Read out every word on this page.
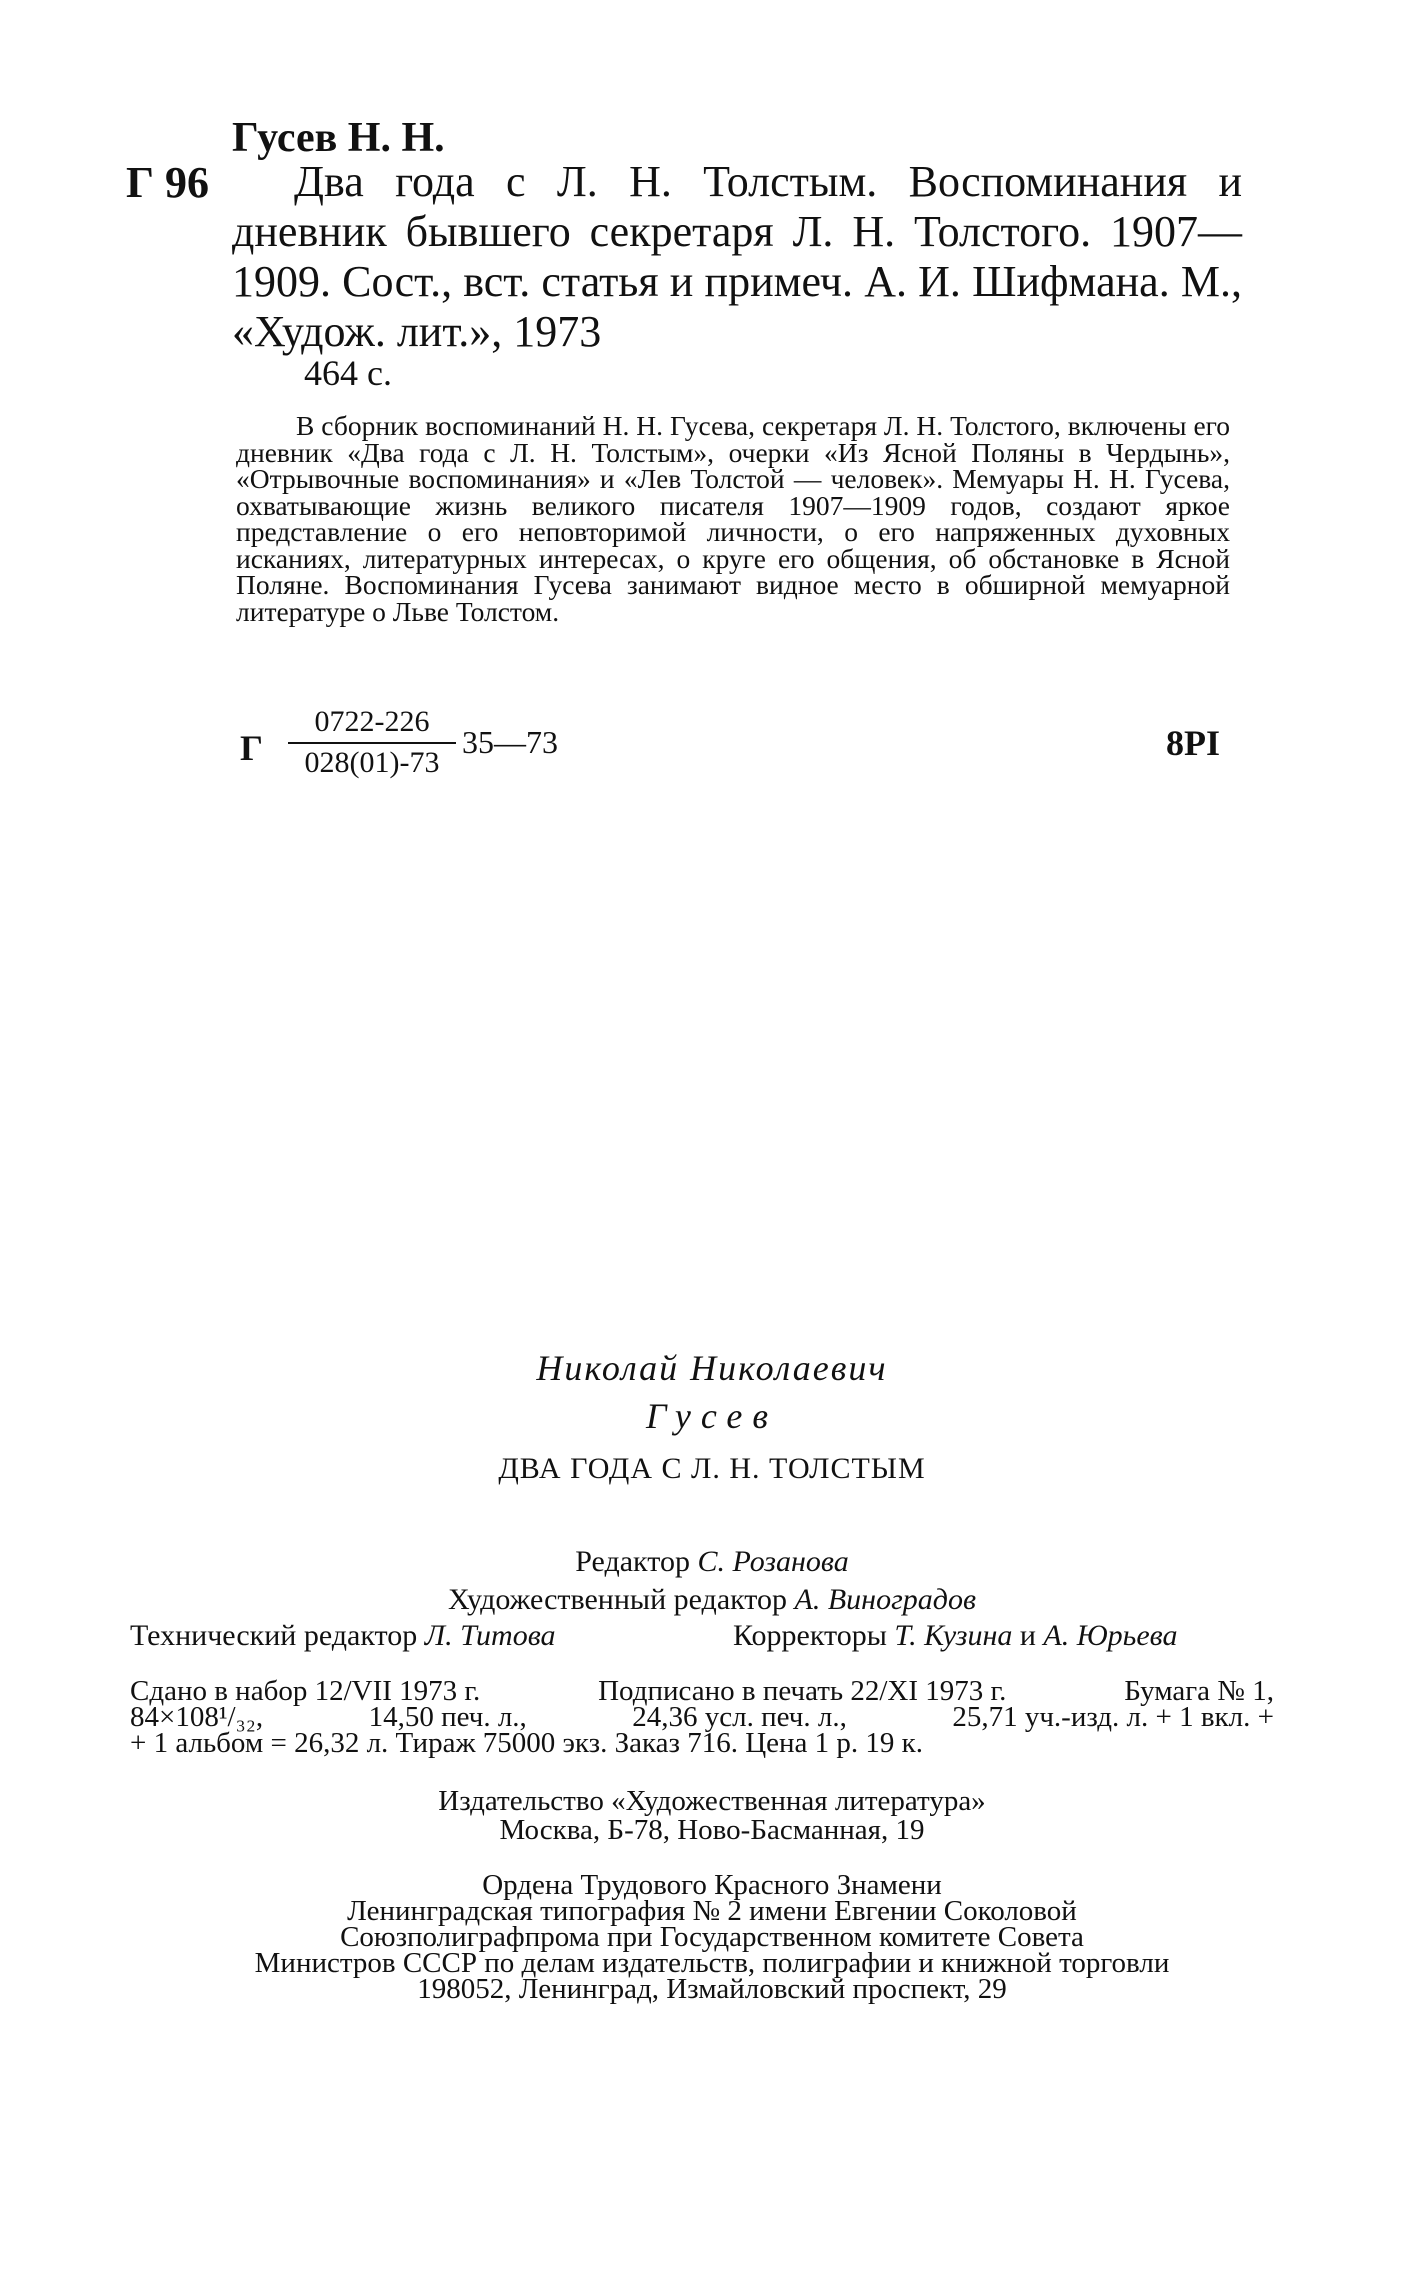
Гусев Н. Н.
Г 96	Два года с Л. Н. Толстым. Воспоминания и дневник бывшего секретаря Л. Н. Толстого. 1907—1909. Сост., вст. статья и примеч. А. И. Шифмана. М., «Худож. лит.», 1973
464 с.
В сборник воспоминаний Н. Н. Гусева, секретаря Л. Н. Толстого, включены его дневник «Два года с Л. Н. Толстым», очерки «Из Ясной Поляны в Чердынь», «Отрывочные воспоминания» и «Лев Толстой — человек». Мемуары Н. Н. Гусева, охватывающие жизнь великого писателя 1907—1909 годов, создают яркое представление о его неповторимой личности, о его напряженных духовных исканиях, литературных интересах, о круге его общения, об обстановке в Ясной Поляне. Воспоминания Гусева занимают видное место в обширной мемуарной литературе о Льве Толстом.
Г
0722-226
028(01)-73
35—73	8PI
Николай Николаевич
Гусев
ДВА ГОДА С Л. Н. ТОЛСТЫМ
Редактор С. Розанова
Художественный редактор А. Виноградов
Технический редактор Л. Титова	Корректоры Т. Кузина и А. Юрьева
Сдано в набор 12/VII 1973 г.	Подписано в печать 22/XI 1973 г.	Бумага № 1,
84×108¹/₃₂,	14,50 печ. л.,	24,36 усл. печ. л.,	25,71 уч.-изд. л. + 1 вкл. +
+ 1 альбом = 26,32 л. Тираж 75000 экз. Заказ 716. Цена 1 р. 19 к.
Издательство «Художественная литература»
Москва, Б-78, Ново-Басманная, 19
Ордена Трудового Красного Знамени
Ленинградская типография № 2 имени Евгении Соколовой
Союзполиграфпрома при Государственном комитете Совета
Министров СССР по делам издательств, полиграфии и книжной торговли
198052, Ленинград, Измайловский проспект, 29
